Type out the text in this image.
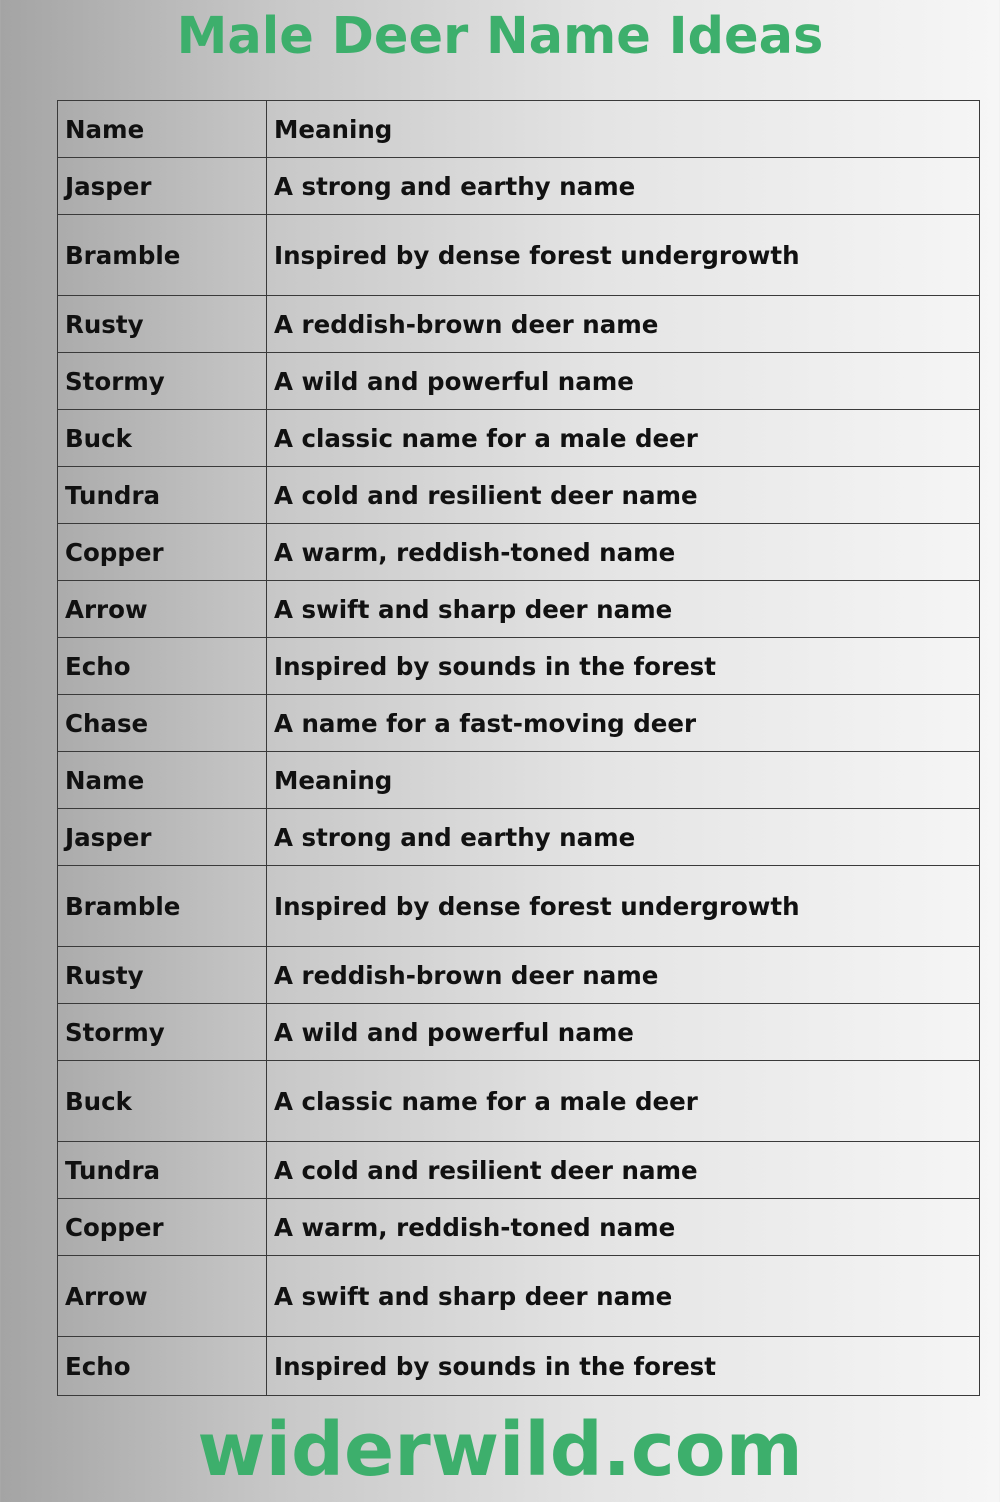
Male Deer Name Ideas
Name	Meaning
Jasper	A strong and earthy name
Bramble	Inspired by dense forest undergrowth
Rusty	A reddish-brown deer name
Stormy	A wild and powerful name
Buck	A classic name for a male deer
Tundra	A cold and resilient deer name
Copper	A warm, reddish-toned name
Arrow	A swift and sharp deer name
Echo	Inspired by sounds in the forest
Chase	A name for a fast-moving deer
Name	Meaning
Jasper	A strong and earthy name
Bramble	Inspired by dense forest undergrowth
Rusty	A reddish-brown deer name
Stormy	A wild and powerful name
Buck	A classic name for a male deer
Tundra	A cold and resilient deer name
Copper	A warm, reddish-toned name
Arrow	A swift and sharp deer name
Echo	Inspired by sounds in the forest
widerwild.com
